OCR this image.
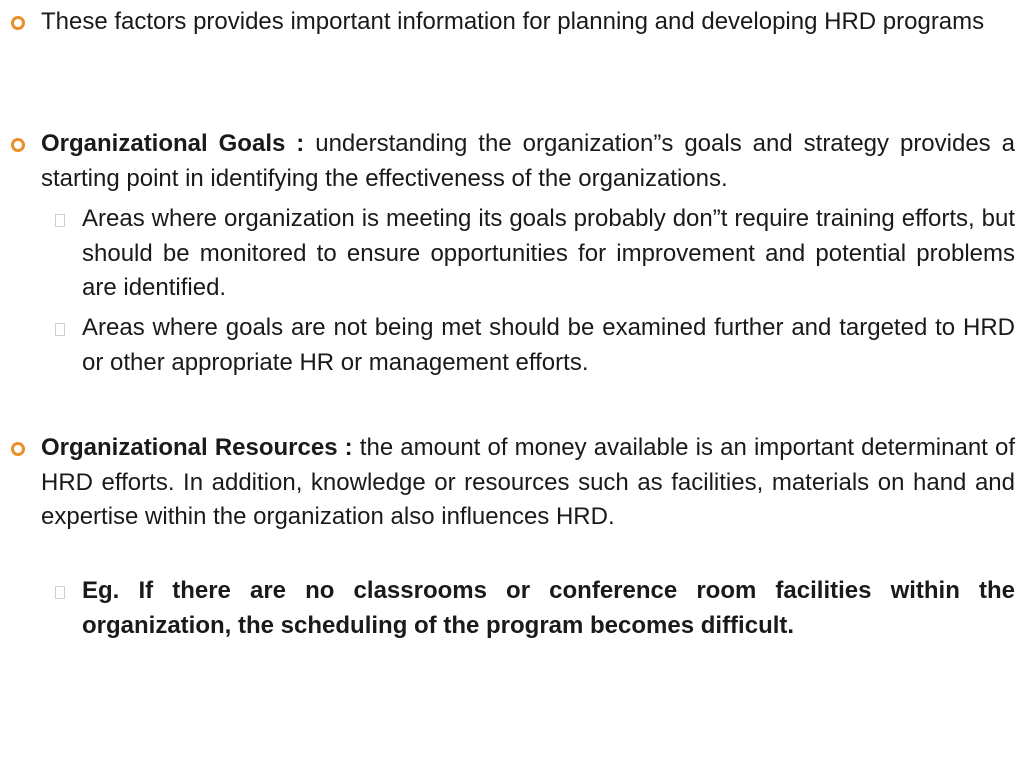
These factors provides important information for planning and developing HRD programs
Organizational Goals : understanding the organization”s goals and strategy provides a starting point in identifying the effectiveness of the organizations.
Areas where organization is meeting its goals probably don”t require training efforts, but should be monitored to ensure opportunities for improvement and potential problems are identified.
Areas where goals are not being met should be examined further and targeted to HRD or other appropriate HR or management efforts.
Organizational Resources : the amount of money available is an important determinant of HRD efforts. In addition, knowledge or resources such as facilities, materials on hand and expertise within the organization also influences HRD.
Eg. If there are no classrooms or conference room facilities within the organization, the scheduling of the program becomes difficult.
